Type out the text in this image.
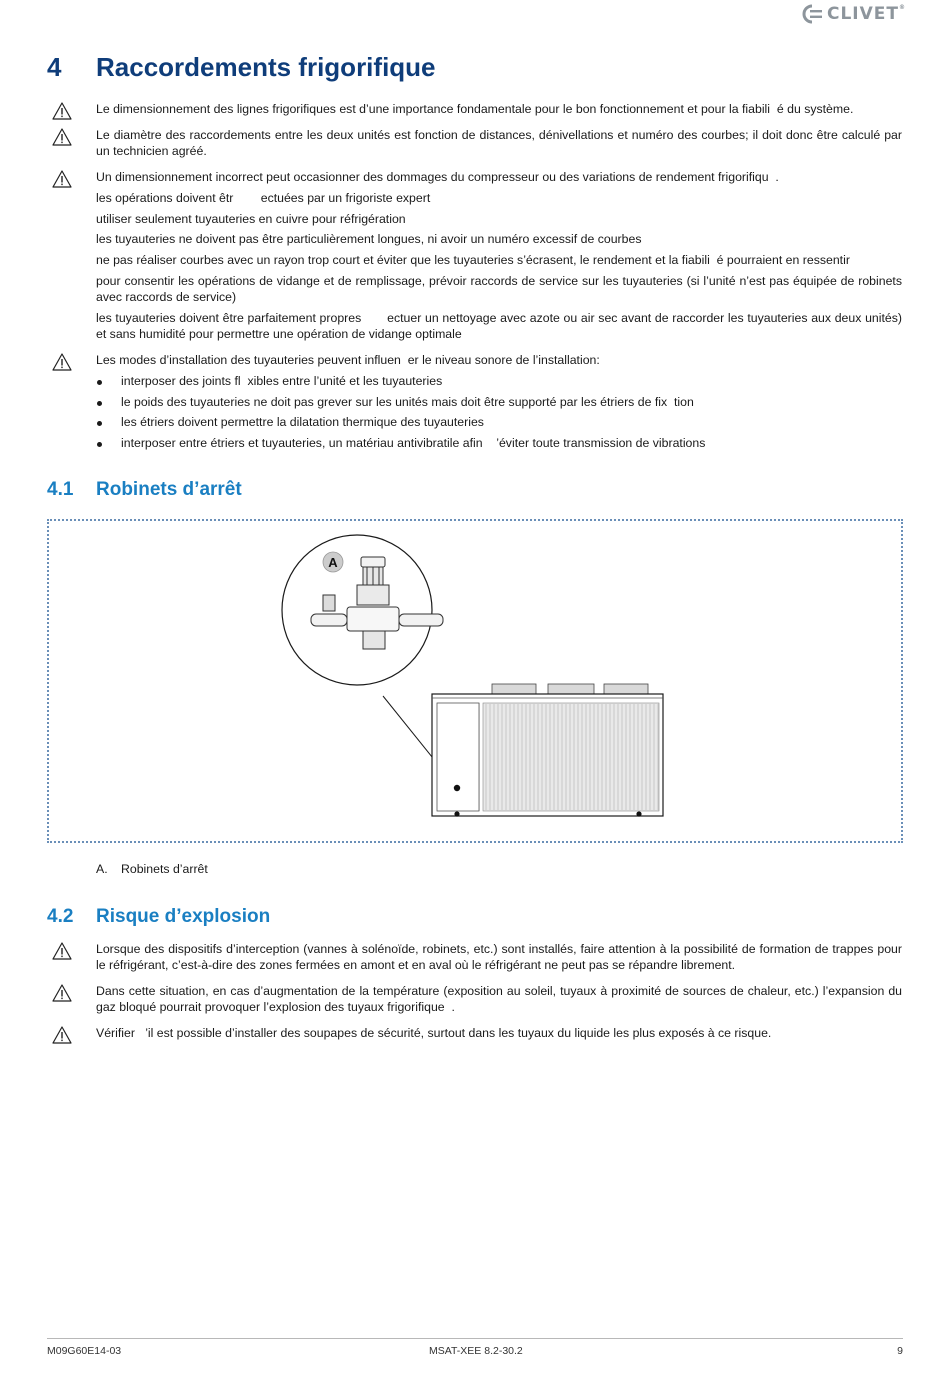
CLIVET®
4	Raccordements frigorifique
Le dimensionnement des lignes frigorifiques est d’une importance fondamentale pour le bon fonctionnement et pour la fiabili  é du système.
Le diamètre des raccordements entre les deux unités est fonction de distances, dénivellations et numéro des courbes; il doit donc être calculé par un technicien agréé.
Un dimensionnement incorrect peut occasionner des dommages du compresseur ou des variations de rendement frigorifiqu  .
les opérations doivent êtr        ectuées par un frigoriste expert
utiliser seulement tuyauteries en cuivre pour réfrigération
les tuyauteries ne doivent pas être particulièrement longues, ni avoir un numéro excessif de courbes
ne pas réaliser courbes avec un rayon trop court et éviter que les tuyauteries s’écrasent, le rendement et la fiabili  é pourraient en ressentir
pour consentir les opérations de vidange et de remplissage, prévoir raccords de service sur les tuyauteries (si l’unité n’est pas équipée de robinets avec raccords de service)
les tuyauteries doivent être parfaitement propres       ectuer un nettoyage avec azote ou air sec avant de raccorder les tuyauteries aux deux unités) et sans humidité pour permettre une opération de vidange optimale
Les modes d’installation des tuyauteries peuvent influen  er le niveau sonore de l’installation:
interposer des joints fl  xibles entre l’unité et les tuyauteries
le poids des tuyauteries ne doit pas grever sur les unités mais doit être supporté par les étriers de fix  tion
les étriers doivent permettre la dilatation thermique des tuyauteries
interposer entre étriers et tuyauteries, un matériau antivibratile afin    ’éviter toute transmission de vibrations
4.1	Robinets d’arrêt
A
A.	Robinets d’arrêt
4.2	Risque d’explosion
Lorsque des dispositifs d’interception (vannes à solénoïde, robinets, etc.) sont installés, faire attention à la possibilité de formation de trappes pour le réfrigérant, c’est-à-dire des zones fermées en amont et en aval où le réfrigérant ne peut pas se répandre librement.
Dans cette situation, en cas d’augmentation de la température (exposition au soleil, tuyaux à proximité de sources de chaleur, etc.) l’expansion du gaz bloqué pourrait provoquer l’explosion des tuyaux frigorifique  .
Vérifier   ’il est possible d’installer des soupapes de sécurité, surtout dans les tuyaux du liquide les plus exposés à ce risque.
M09G60E14-03	MSAT-XEE 8.2-30.2	9
